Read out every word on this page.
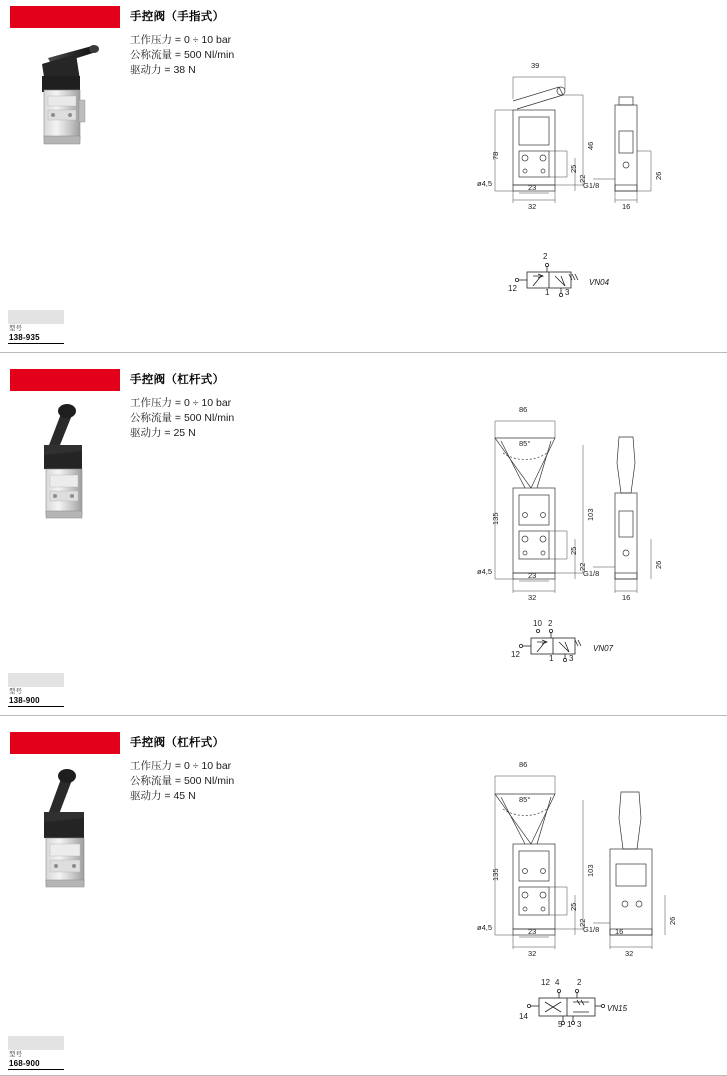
手控阀（手指式）
工作压力 = 0 ÷ 10 bar
公称流量 = 500 Nl/min
驱动力 = 38 N	39
78
46
25
22	26
ø4,5	23
32
G1/8
16
2
1 3
12
VN04
型号
138-935
手控阀（杠杆式）
工作压力 = 0 ÷ 10 bar
公称流量 = 500 Nl/min
驱动力 = 25 N
86
85°
135	103
25
22	26
ø4,5	23
32
G1/8
16
10 2
1 3
12
VN07
型号
138-900
手控阀（杠杆式）
工作压力 = 0 ÷ 10 bar
公称流量 = 500 Nl/min
驱动力 = 45 N
86
85°
135	103
25
22	26
ø4,5	23
32
G1/8 16
32
12 4 2
14
5 1 3
VN15
型号
168-900
